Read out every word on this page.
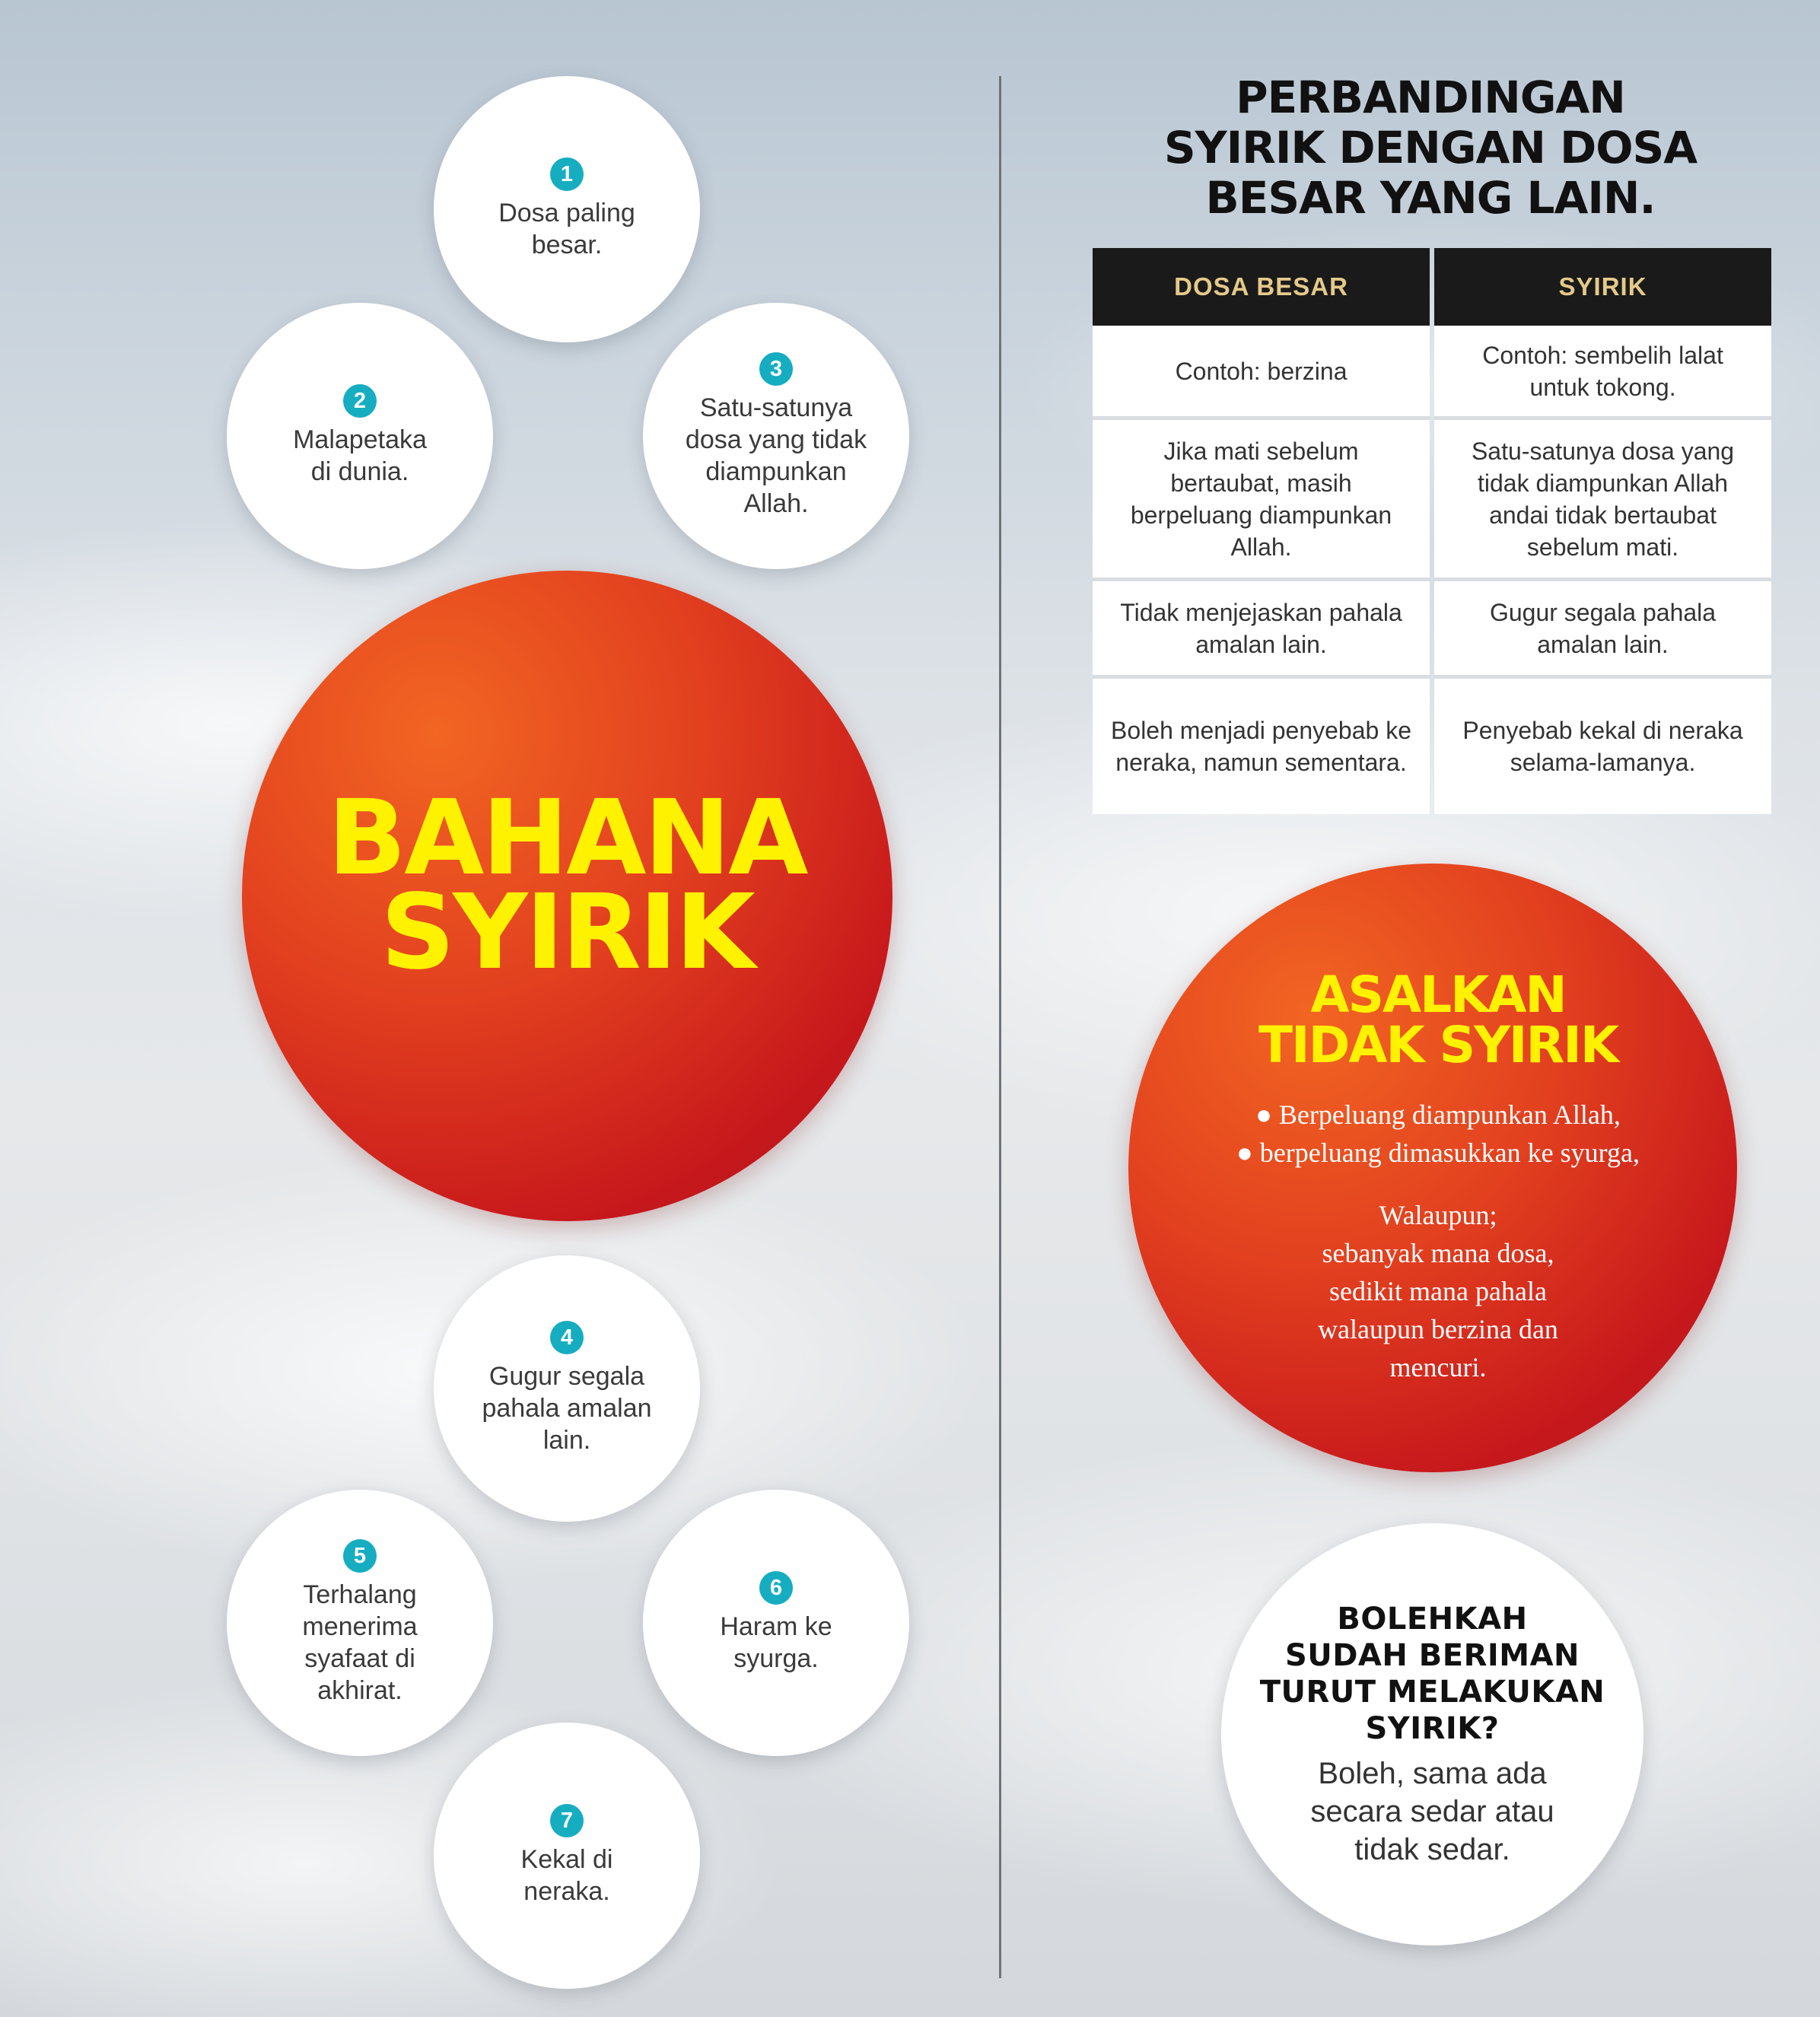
1
Dosa paling besar.
2
Malapetaka di dunia.
3
Satu-satunya dosa yang tidak diampunkan Allah.
BAHANA
SYIRIK
4
Gugur segala pahala amalan lain.
5
Terhalang menerima syafaat di akhirat.
6
Haram ke syurga.
7
Kekal di neraka.
PERBANDINGAN
SYIRIK DENGAN DOSA
BESAR YANG LAIN.
DOSA BESAR	SYIRIK
Contoh: berzina	Contoh: sembelih lalat untuk tokong.
Jika mati sebelum bertaubat, masih berpeluang diampunkan Allah.	Satu-satunya dosa yang tidak diampunkan Allah andai tidak bertaubat sebelum mati.
Tidak menjejaskan pahala amalan lain.	Gugur segala pahala amalan lain.
Boleh menjadi penyebab ke neraka, namun sementara.	Penyebab kekal di neraka selama-lamanya.
ASALKAN
TIDAK SYIRIK
● Berpeluang diampunkan Allah,
● berpeluang dimasukkan ke syurga,
Walaupun;
sebanyak mana dosa,
sedikit mana pahala
walaupun berzina dan
mencuri.
BOLEHKAH
SUDAH BERIMAN
TURUT MELAKUKAN
SYIRIK?
Boleh, sama ada
secara sedar atau
tidak sedar.
